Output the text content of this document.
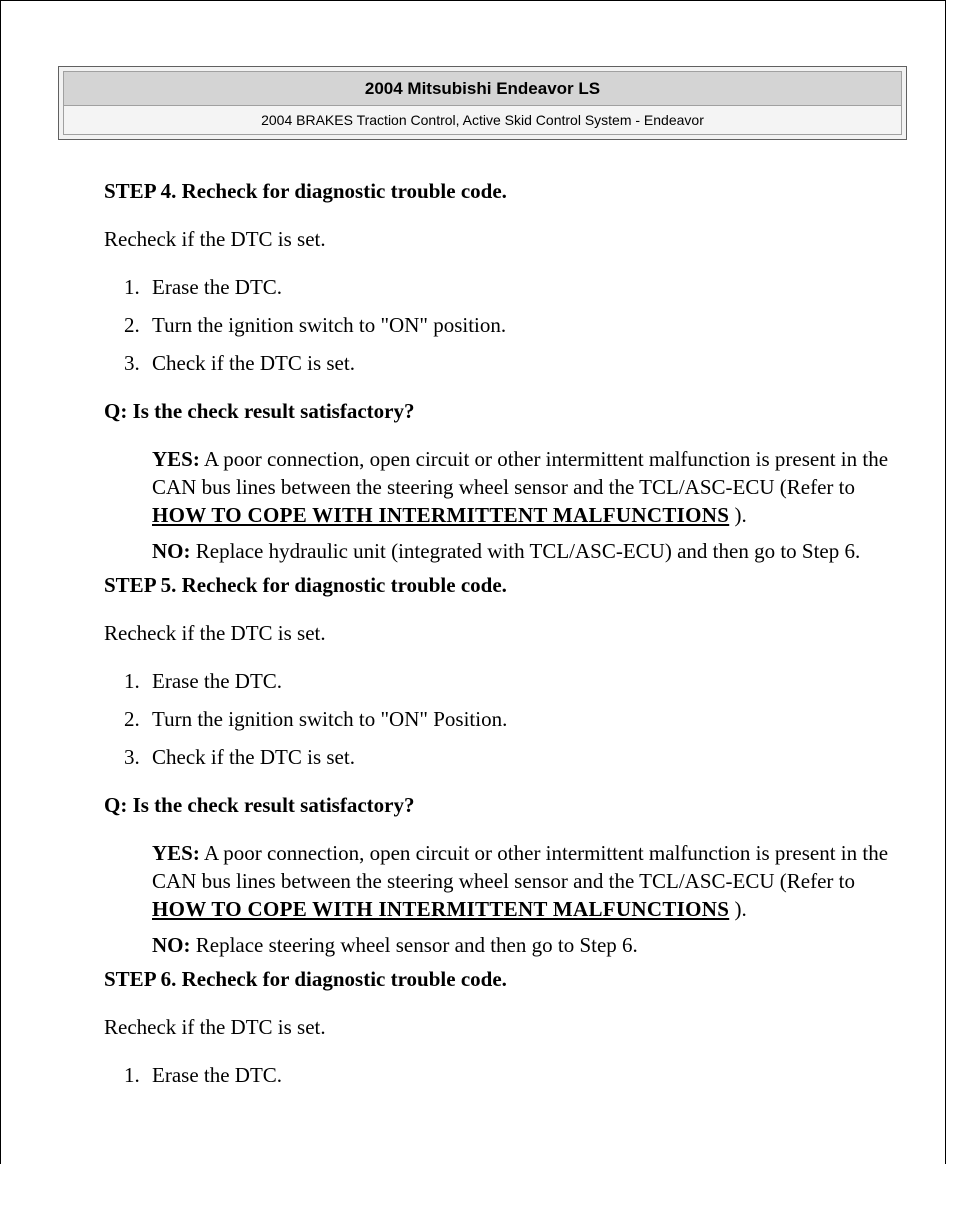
2004 Mitsubishi Endeavor LS
2004 BRAKES Traction Control, Active Skid Control System - Endeavor
STEP 4. Recheck for diagnostic trouble code.
Recheck if the DTC is set.
1. Erase the DTC.
2. Turn the ignition switch to "ON" position.
3. Check if the DTC is set.
Q: Is the check result satisfactory?
YES: A poor connection, open circuit or other intermittent malfunction is present in the CAN bus lines between the steering wheel sensor and the TCL/ASC-ECU (Refer to HOW TO COPE WITH INTERMITTENT MALFUNCTIONS ).
NO: Replace hydraulic unit (integrated with TCL/ASC-ECU) and then go to Step 6.
STEP 5. Recheck for diagnostic trouble code.
Recheck if the DTC is set.
1. Erase the DTC.
2. Turn the ignition switch to "ON" Position.
3. Check if the DTC is set.
Q: Is the check result satisfactory?
YES: A poor connection, open circuit or other intermittent malfunction is present in the CAN bus lines between the steering wheel sensor and the TCL/ASC-ECU (Refer to HOW TO COPE WITH INTERMITTENT MALFUNCTIONS ).
NO: Replace steering wheel sensor and then go to Step 6.
STEP 6. Recheck for diagnostic trouble code.
Recheck if the DTC is set.
1. Erase the DTC.
